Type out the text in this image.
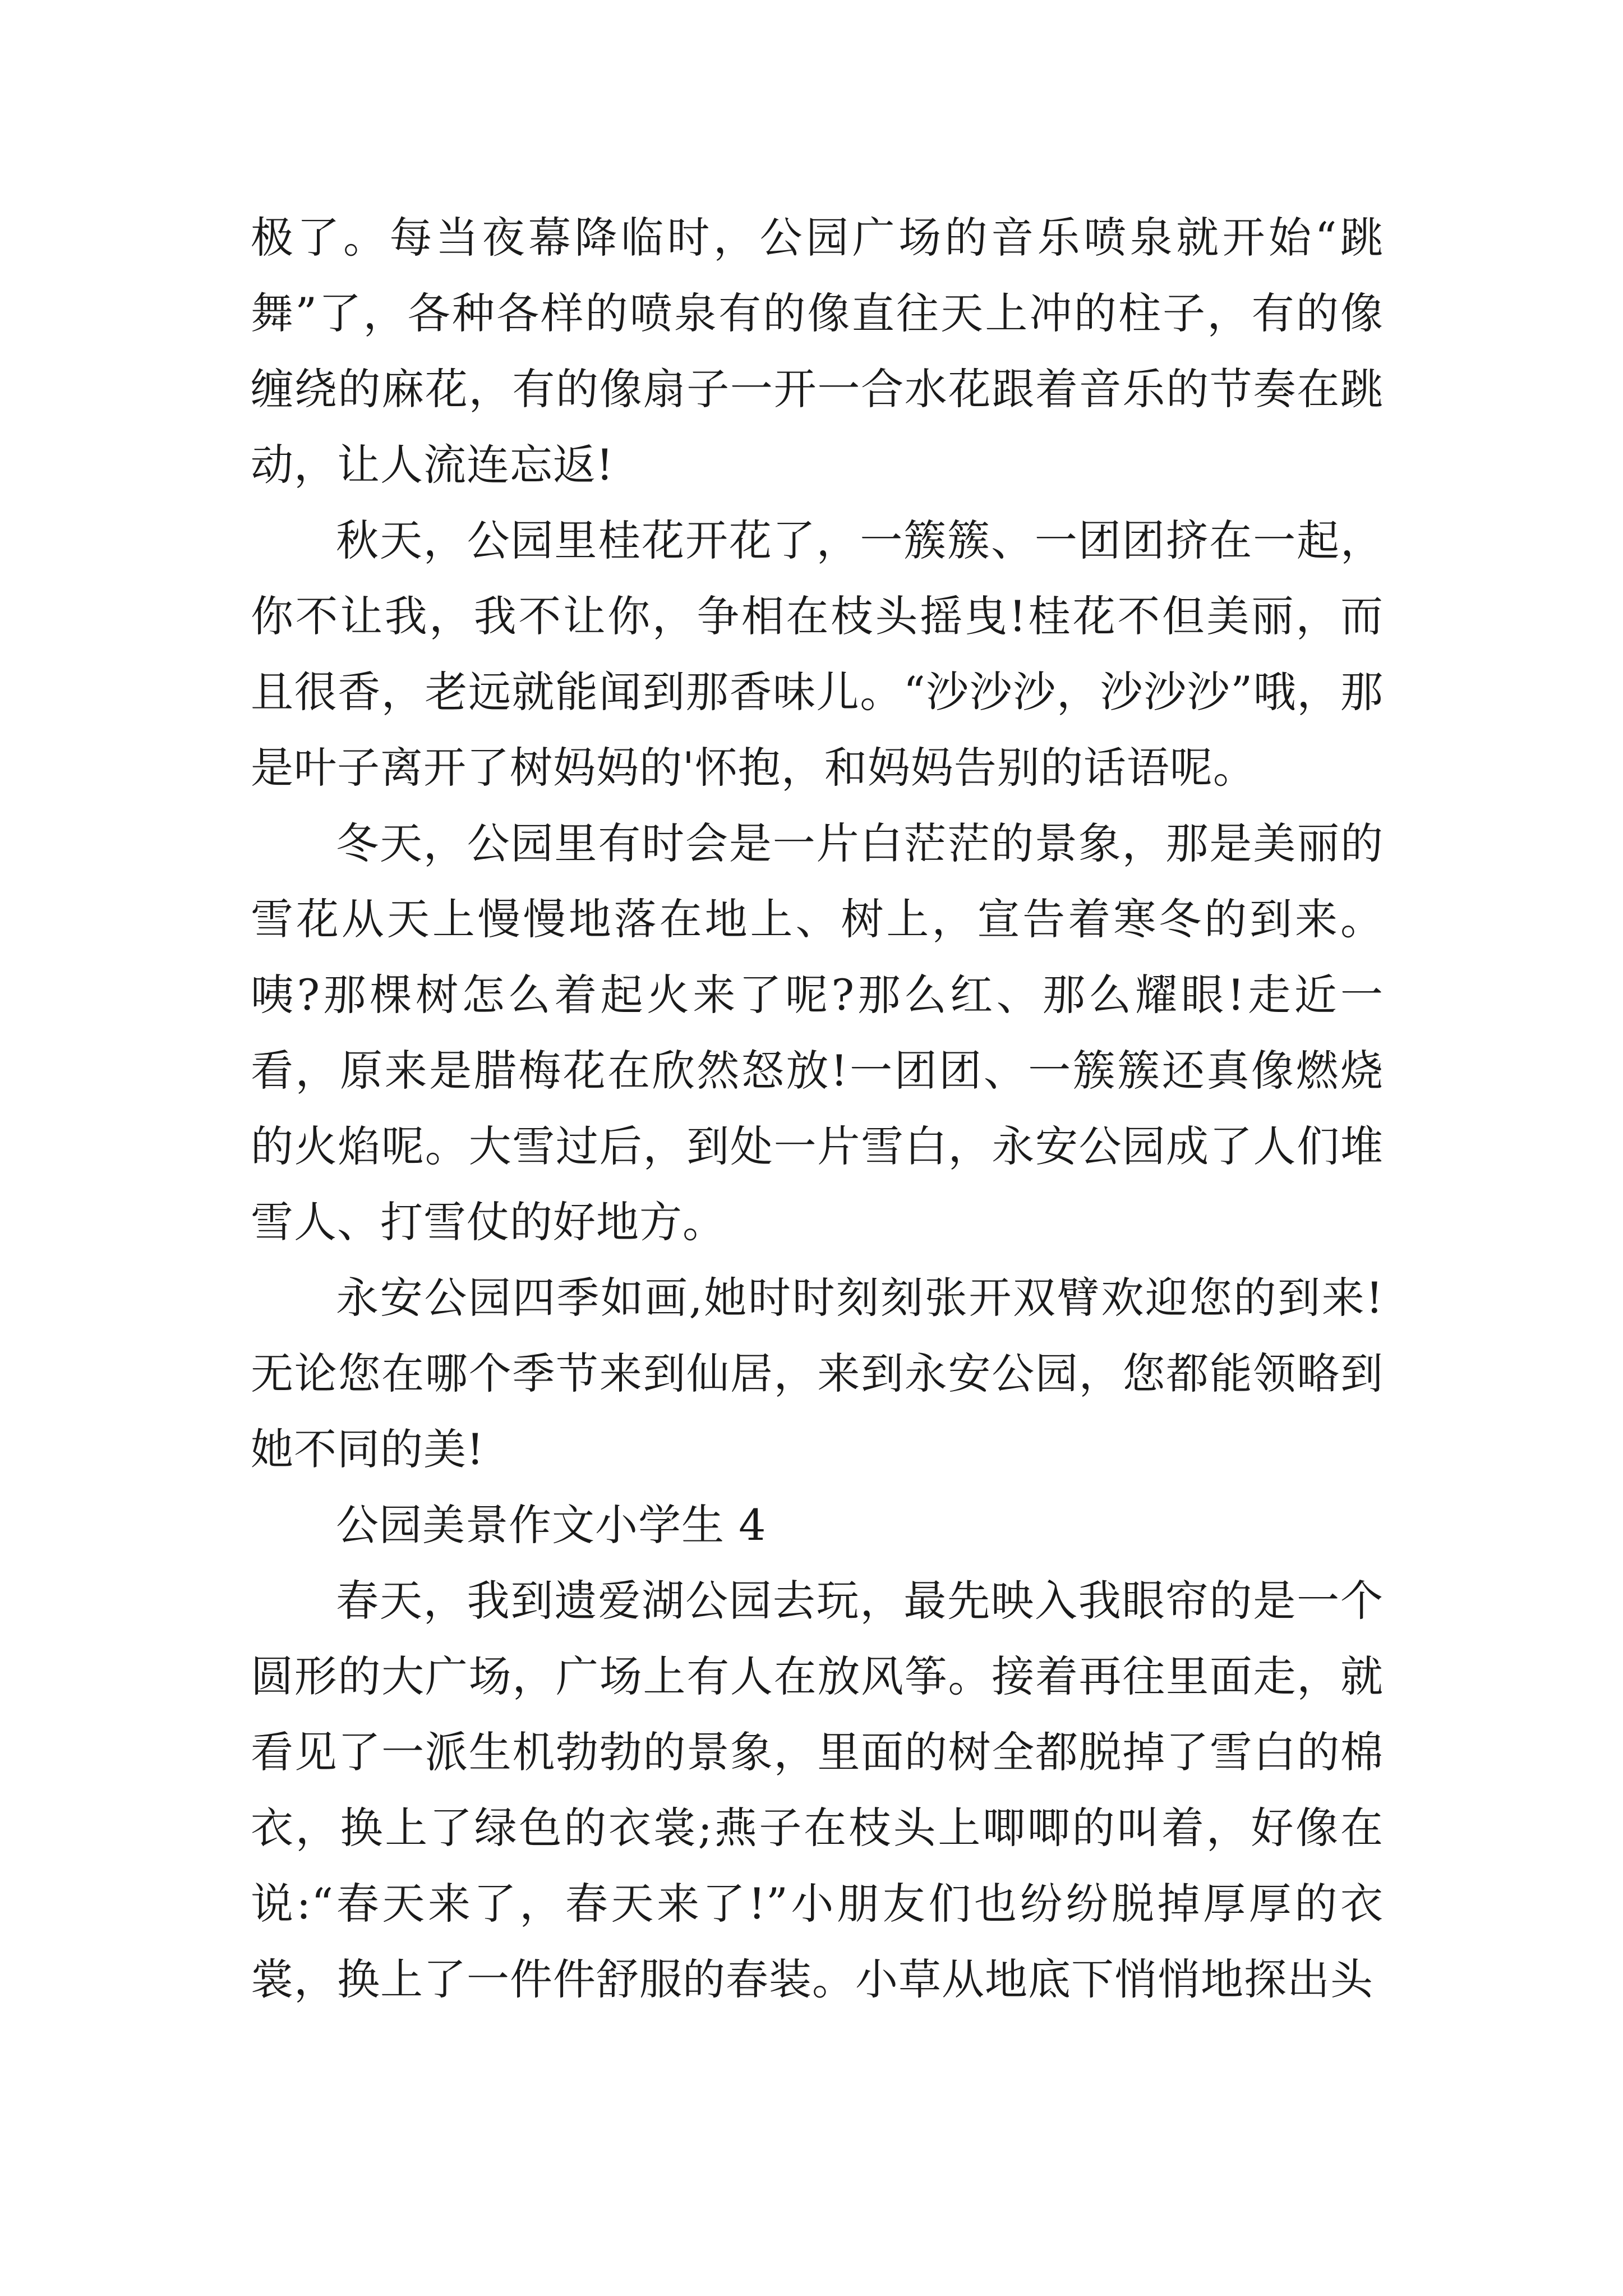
极了。每当夜幕降临时，公园广场的音乐喷泉就开始“跳舞”了，各种各样的喷泉有的像直往天上冲的柱子，有的像缠绕的麻花，有的像扇子一开一合水花跟着音乐的节奏在跳动，让人流连忘返!

秋天，公园里桂花开花了，一簇簇、一团团挤在一起，你不让我，我不让你，争相在枝头摇曳!桂花不但美丽，而且很香，老远就能闻到那香味儿。“沙沙沙，沙沙沙”哦，那是叶子离开了树妈妈的'怀抱，和妈妈告别的话语呢。

冬天，公园里有时会是一片白茫茫的景象，那是美丽的雪花从天上慢慢地落在地上、树上，宣告着寒冬的到来。咦?那棵树怎么着起火来了呢?那么红、那么耀眼!走近一看，原来是腊梅花在欣然怒放!一团团、一簇簇还真像燃烧的火焰呢。大雪过后，到处一片雪白，永安公园成了人们堆雪人、打雪仗的好地方。

永安公园四季如画,她时时刻刻张开双臂欢迎您的到来!无论您在哪个季节来到仙居，来到永安公园，您都能领略到她不同的美!

公园美景作文小学生 4

春天，我到遗爱湖公园去玩，最先映入我眼帘的是一个圆形的大广场，广场上有人在放风筝。接着再往里面走，就看见了一派生机勃勃的景象，里面的树全都脱掉了雪白的棉衣，换上了绿色的衣裳;燕子在枝头上唧唧的叫着，好像在说:“春天来了，春天来了!”小朋友们也纷纷脱掉厚厚的衣裳，换上了一件件舒服的春装。小草从地底下悄悄地探出头
